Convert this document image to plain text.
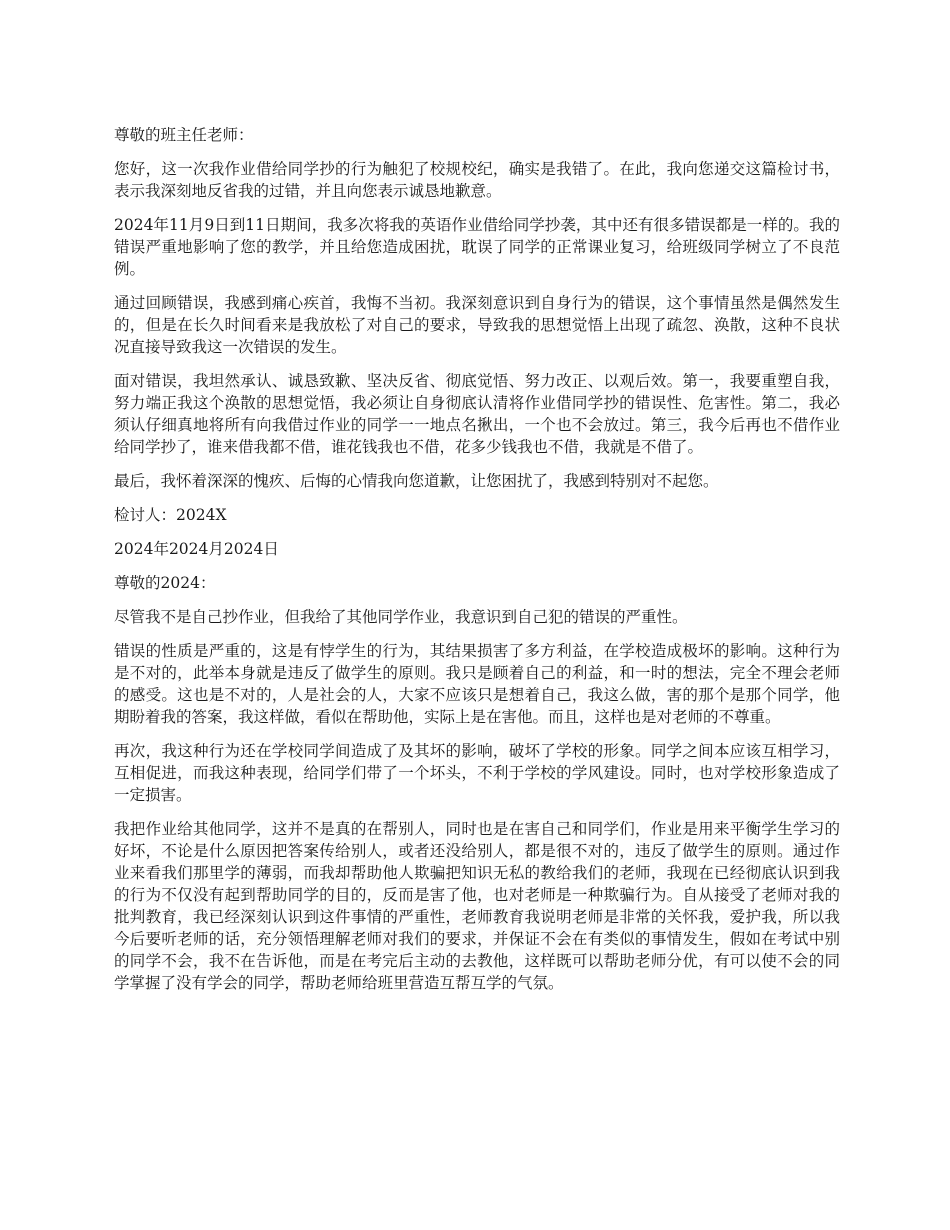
尊敬的班主任老师：

您好，这一次我作业借给同学抄的行为触犯了校规校纪，确实是我错了。在此，我向您递交这篇检讨书，表示我深刻地反省我的过错，并且向您表示诚恳地歉意。

2024年11月9日到11日期间，我多次将我的英语作业借给同学抄袭，其中还有很多错误都是一样的。我的错误严重地影响了您的教学，并且给您造成困扰，耽误了同学的正常课业复习，给班级同学树立了不良范例。

通过回顾错误，我感到痛心疾首，我悔不当初。我深刻意识到自身行为的错误，这个事情虽然是偶然发生的，但是在长久时间看来是我放松了对自己的要求，导致我的思想觉悟上出现了疏忽、涣散，这种不良状况直接导致我这一次错误的发生。

面对错误，我坦然承认、诚恳致歉、坚决反省、彻底觉悟、努力改正、以观后效。第一，我要重塑自我，努力端正我这个涣散的思想觉悟，我必须让自身彻底认清将作业借同学抄的错误性、危害性。第二，我必须认仔细真地将所有向我借过作业的同学一一地点名揪出，一个也不会放过。第三，我今后再也不借作业给同学抄了，谁来借我都不借，谁花钱我也不借，花多少钱我也不借，我就是不借了。

最后，我怀着深深的愧疚、后悔的心情我向您道歉，让您困扰了，我感到特别对不起您。

检讨人：2024X

2024年2024月2024日

尊敬的2024：

尽管我不是自己抄作业，但我给了其他同学作业，我意识到自己犯的错误的严重性。

错误的性质是严重的，这是有悖学生的行为，其结果损害了多方利益，在学校造成极坏的影响。这种行为是不对的，此举本身就是违反了做学生的原则。我只是顾着自己的利益，和一时的想法，完全不理会老师的感受。这也是不对的，人是社会的人，大家不应该只是想着自己，我这么做，害的那个是那个同学，他期盼着我的答案，我这样做，看似在帮助他，实际上是在害他。而且，这样也是对老师的不尊重。

再次，我这种行为还在学校同学间造成了及其坏的影响，破坏了学校的形象。同学之间本应该互相学习，互相促进，而我这种表现，给同学们带了一个坏头，不利于学校的学风建设。同时，也对学校形象造成了一定损害。

我把作业给其他同学，这并不是真的在帮别人，同时也是在害自己和同学们，作业是用来平衡学生学习的好坏，不论是什么原因把答案传给别人，或者还没给别人，都是很不对的，违反了做学生的原则。通过作业来看我们那里学的薄弱，而我却帮助他人欺骗把知识无私的教给我们的老师，我现在已经彻底认识到我的行为不仅没有起到帮助同学的目的，反而是害了他，也对老师是一种欺骗行为。自从接受了老师对我的批判教育，我已经深刻认识到这件事情的严重性，老师教育我说明老师是非常的关怀我，爱护我，所以我今后要听老师的话，充分领悟理解老师对我们的要求，并保证不会在有类似的事情发生，假如在考试中别的同学不会，我不在告诉他，而是在考完后主动的去教他，这样既可以帮助老师分优，有可以使不会的同学掌握了没有学会的同学，帮助老师给班里营造互帮互学的气氛。
